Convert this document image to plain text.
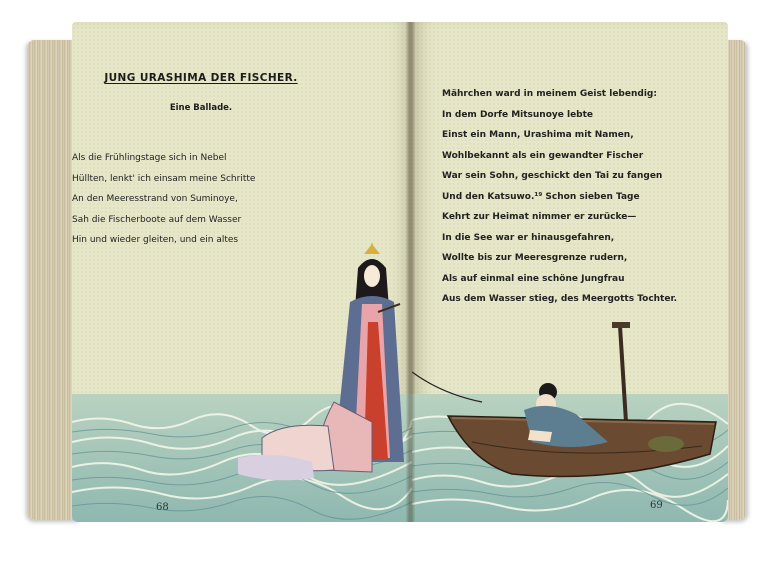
JUNG URASHIMA DER FISCHER.
Eine Ballade.
Als die Frühlingstage sich in Nebel
Hüllten, lenkt' ich einsam meine Schritte
An den Meeresstrand von Suminoye,
Sah die Fischerboote auf dem Wasser
Hin und wieder gleiten, und ein altes
Mährchen ward in meinem Geist lebendig:
In dem Dorfe Mitsunoye lebte
Einst ein Mann, Urashima mit Namen,
Wohlbekannt als ein gewandter Fischer
War sein Sohn, geschickt den Tai zu fangen
Und den Katsuwo.¹⁹ Schon sieben Tage
Kehrt zur Heimat nimmer er zurücke—
In die See war er hinausgefahren,
Wollte bis zur Meeresgrenze rudern,
Als auf einmal eine schöne Jungfrau
Aus dem Wasser stieg, des Meergotts Tochter.
68	69
